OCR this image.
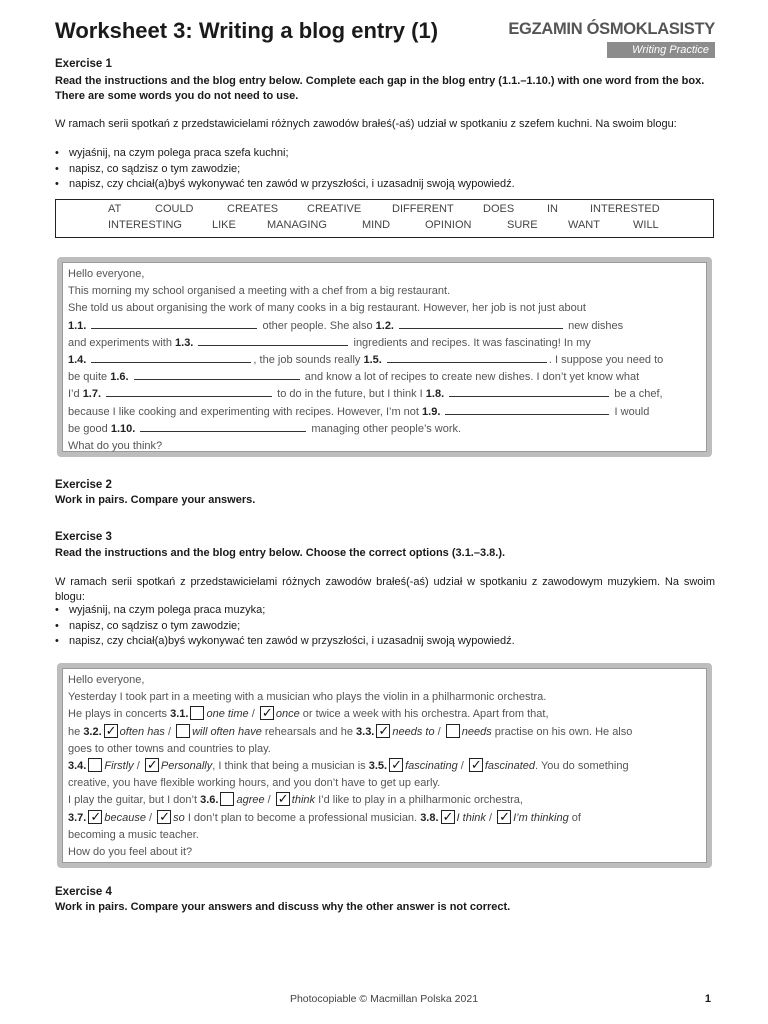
Worksheet 3: Writing a blog entry (1)	EGZAMIN ÓSMOKLASISTY
Writing Practice
Exercise 1
Read the instructions and the blog entry below. Complete each gap in the blog entry (1.1.–1.10.) with one word from the box. There are some words you do not need to use.
W ramach serii spotkań z przedstawicielami różnych zawodów brałeś(-aś) udział w spotkaniu z szefem kuchni. Na swoim blogu:
• wyjaśnij, na czym polega praca szefa kuchni;
• napisz, co sądzisz o tym zawodzie;
• napisz, czy chciał(a)byś wykonywać ten zawód w przyszłości, i uzasadnij swoją wypowiedź.
AT	COULD	CREATES	CREATIVE	DIFFERENT	DOES	IN	INTERESTED
INTERESTING	LIKE	MANAGING	MIND	OPINION	SURE	WANT	WILL
Hello everyone,
This morning my school organised a meeting with a chef from a big restaurant.
She told us about organising the work of many cooks in a big restaurant. However, her job is not just about
1.1.	other people. She also 1.2.	new dishes
and experiments with 1.3.	ingredients and recipes. It was fascinating! In my
1.4.	, the job sounds really 1.5.	. I suppose you need to
be quite 1.6.	and know a lot of recipes to create new dishes. I don’t yet know what
I’d 1.7.	to do in the future, but I think I 1.8.	be a chef,
because I like cooking and experimenting with recipes. However, I’m not 1.9.	I would
be good 1.10.	managing other people’s work.
What do you think?
Exercise 2
Work in pairs. Compare your answers.
Exercise 3
Read the instructions and the blog entry below. Choose the correct options (3.1.–3.8.).
W ramach serii spotkań z przedstawicielami różnych zawodów brałeś(-aś) udział w spotkaniu z zawodowym muzykiem. Na swoim blogu:
• wyjaśnij, na czym polega praca muzyka;
• napisz, co sądzisz o tym zawodzie;
• napisz, czy chciał(a)byś wykonywać ten zawód w przyszłości, i uzasadnij swoją wypowiedź.
Hello everyone,
Yesterday I took part in a meeting with a musician who plays the violin in a philharmonic orchestra.
He plays in concerts 3.1. one time / ✓once or twice a week with his orchestra. Apart from that,
he 3.2. ✓ often has / will often have rehearsals and he 3.3. ✓ needs to / needs practise on his own. He also
goes to other towns and countries to play.
3.4. Firstly / ✓Personally, I think that being a musician is 3.5. ✓ fascinating / ✓fascinated. You do something
creative, you have flexible working hours, and you don’t have to get up early.
I play the guitar, but I don’t 3.6. agree / ✓think I’d like to play in a philharmonic orchestra,
3.7. ✓ because / ✓so I don’t plan to become a professional musician. 3.8. ✓ I think / ✓I’m thinking of
becoming a music teacher.
How do you feel about it?
Exercise 4
Work in pairs. Compare your answers and discuss why the other answer is not correct.
Photocopiable © Macmillan Polska 2021	1
